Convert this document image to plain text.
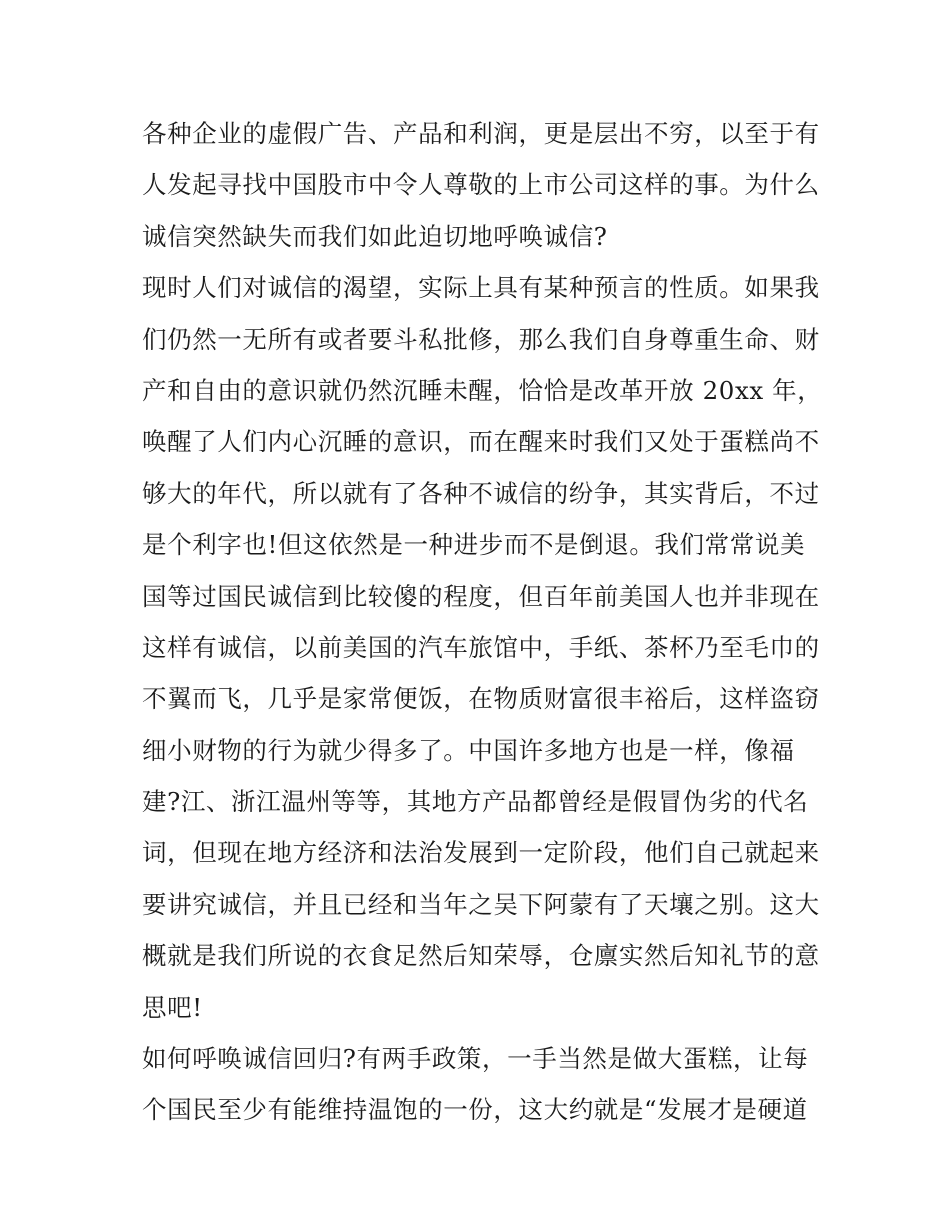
各种企业的虚假广告、产品和利润，更是层出不穷，以至于有
人发起寻找中国股市中令人尊敬的上市公司这样的事。为什么
诚信突然缺失而我们如此迫切地呼唤诚信?
现时人们对诚信的渴望，实际上具有某种预言的性质。如果我
们仍然一无所有或者要斗私批修，那么我们自身尊重生命、财
产和自由的意识就仍然沉睡未醒，恰恰是改革开放 20xx 年，
唤醒了人们内心沉睡的意识，而在醒来时我们又处于蛋糕尚不
够大的年代，所以就有了各种不诚信的纷争，其实背后，不过
是个利字也!但这依然是一种进步而不是倒退。我们常常说美
国等过国民诚信到比较傻的程度，但百年前美国人也并非现在
这样有诚信，以前美国的汽车旅馆中，手纸、茶杯乃至毛巾的
不翼而飞，几乎是家常便饭，在物质财富很丰裕后，这样盗窃
细小财物的行为就少得多了。中国许多地方也是一样，像福
建?江、浙江温州等等，其地方产品都曾经是假冒伪劣的代名
词，但现在地方经济和法治发展到一定阶段，他们自己就起来
要讲究诚信，并且已经和当年之吴下阿蒙有了天壤之别。这大
概就是我们所说的衣食足然后知荣辱，仓廪实然后知礼节的意
思吧!
如何呼唤诚信回归?有两手政策，一手当然是做大蛋糕，让每
个国民至少有能维持温饱的一份，这大约就是“发展才是硬道
